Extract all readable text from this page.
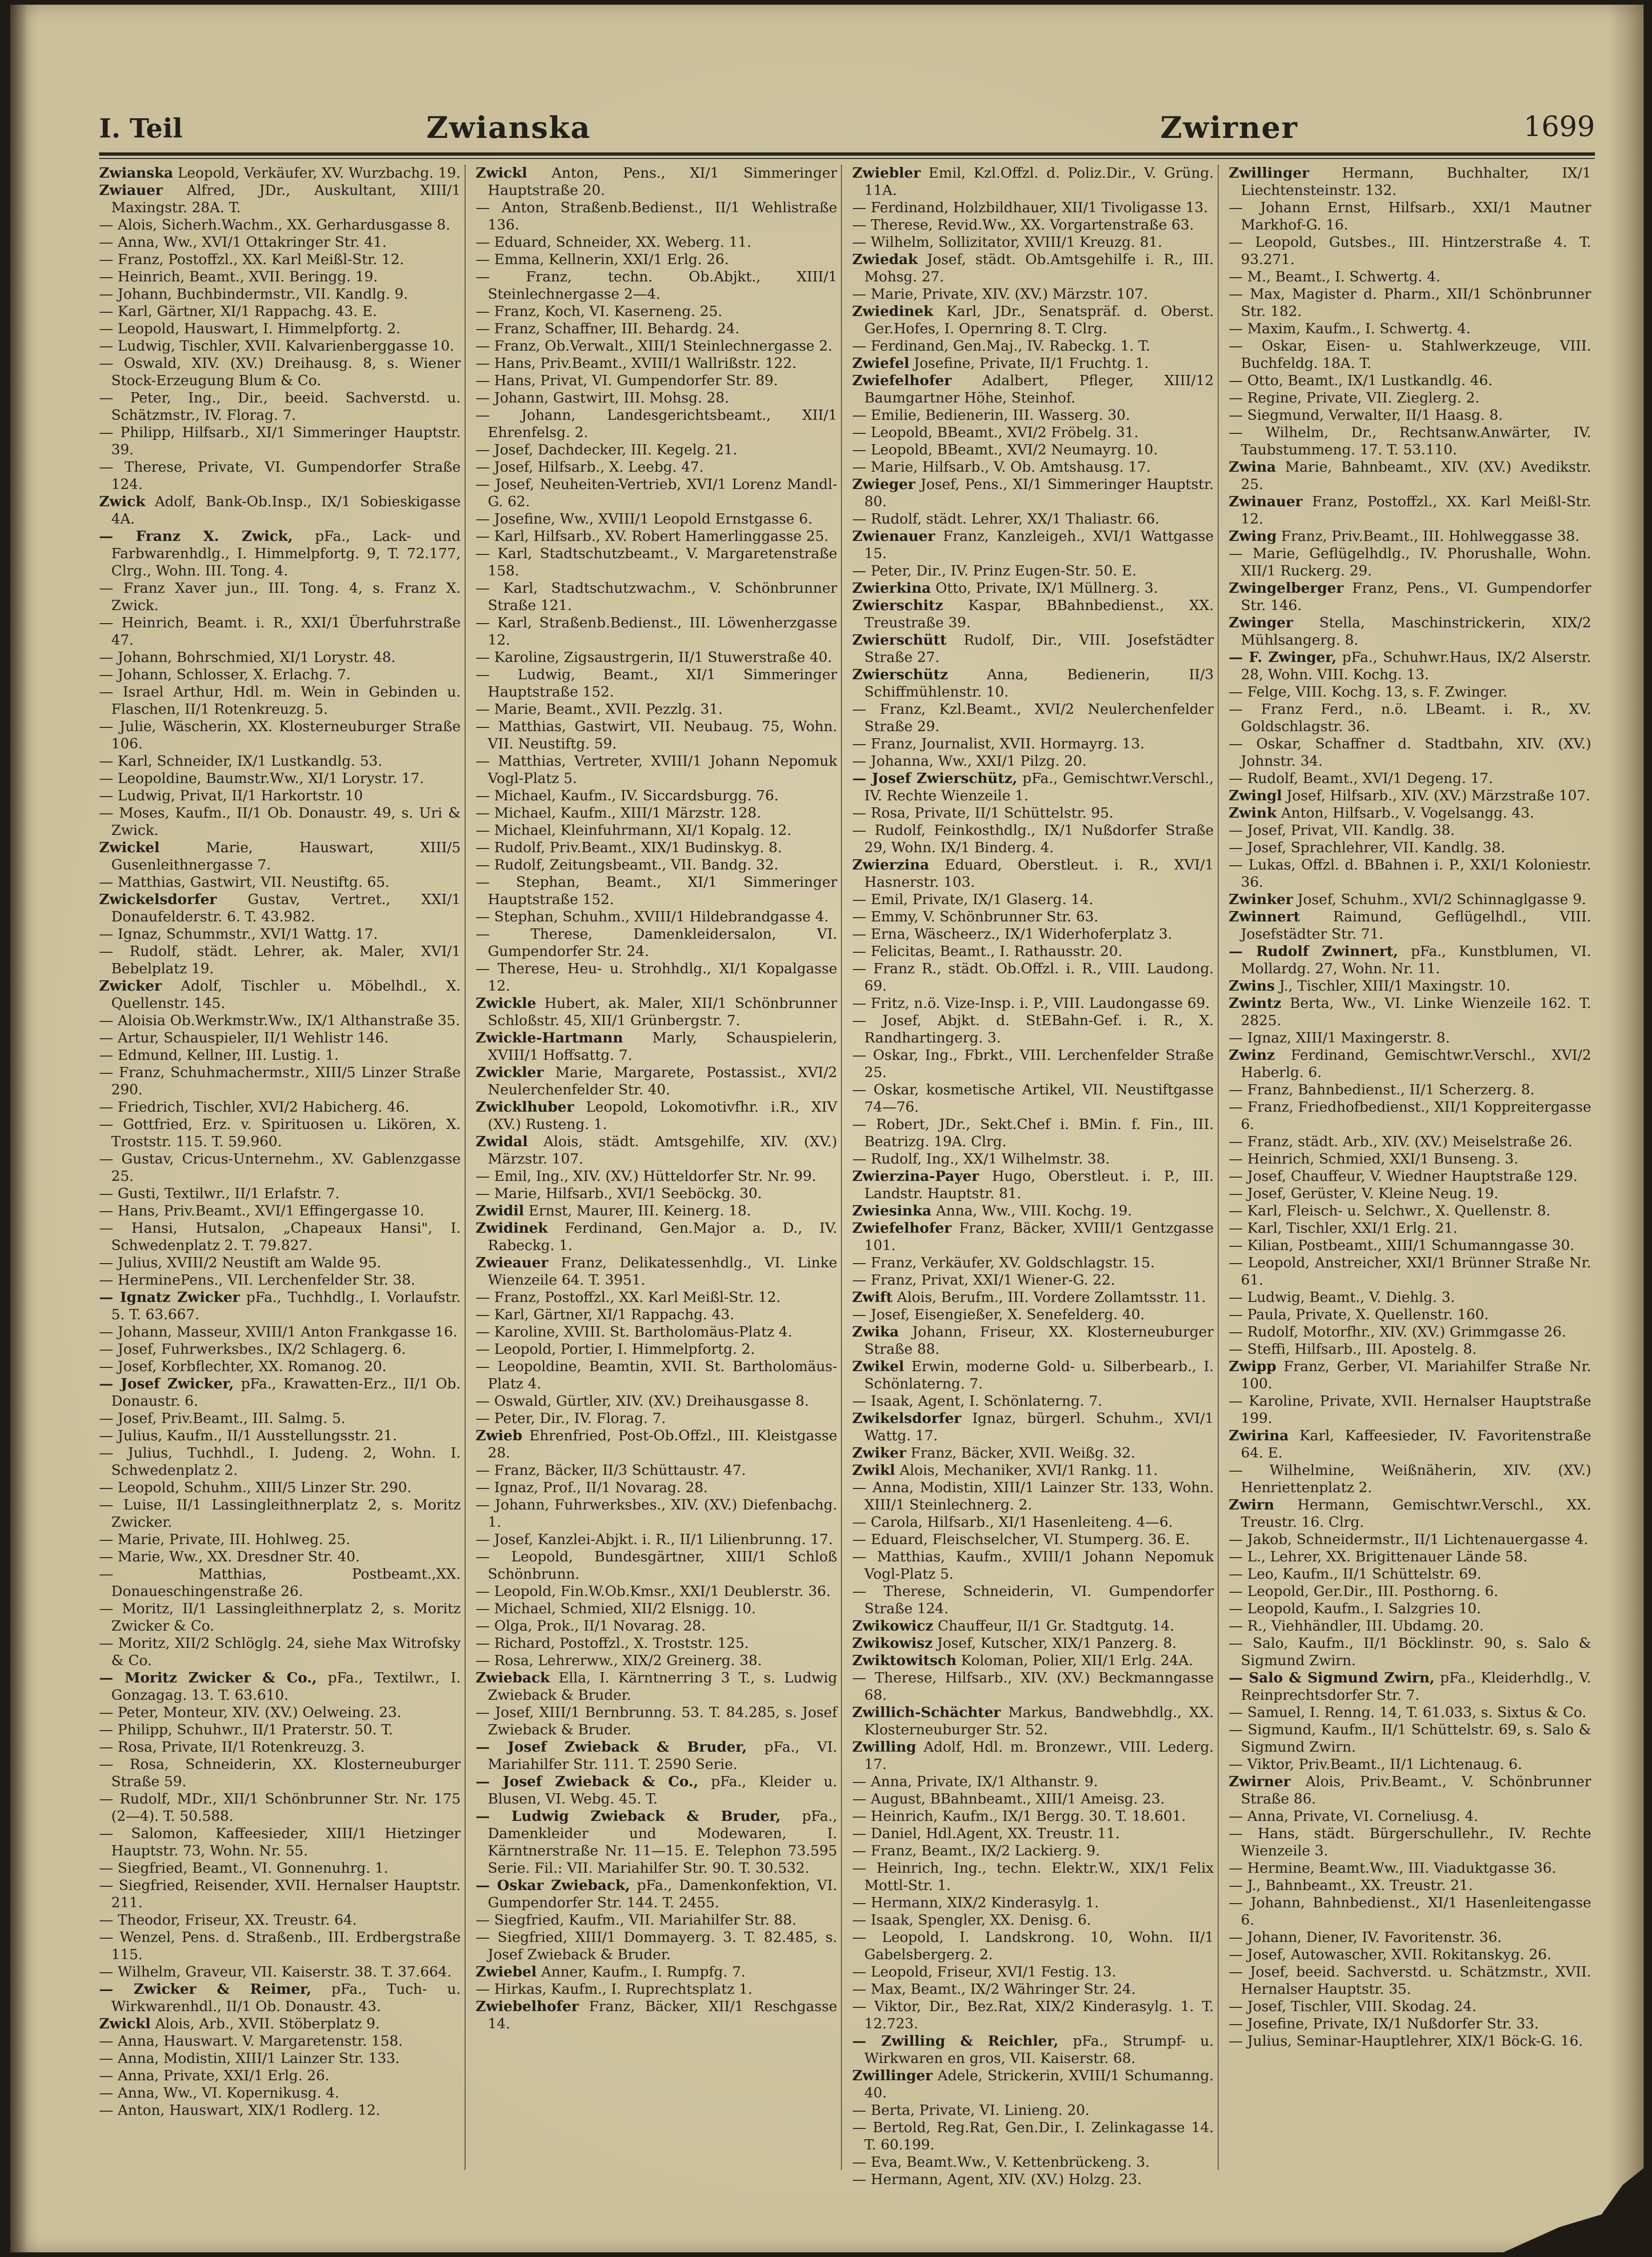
I. Teil	Zwianska	Zwirner	1699

Zwianska Leopold, Verkäufer, XV. Wurzbachg. 19.

Zwiauer Alfred, JDr., Auskultant, XIII/1 Maxingstr. 28A. T.

— Alois, Sicherh.Wachm., XX. Gerhardusgasse 8.

— Anna, Ww., XVI/1 Ottakringer Str. 41.

— Franz, Postoffzl., XX. Karl Meißl-Str. 12.

— Heinrich, Beamt., XVII. Beringg. 19.

— Johann, Buchbindermstr., VII. Kandlg. 9.

— Karl, Gärtner, XI/1 Rappachg. 43. E.

— Leopold, Hauswart, I. Himmelpfortg. 2.

— Ludwig, Tischler, XVII. Kalvarienberggasse 10.

— Oswald, XIV. (XV.) Dreihausg. 8, s. Wiener Stock-Erzeugung Blum & Co.

— Peter, Ing., Dir., beeid. Sachverstd. u. Schätzmstr., IV. Florag. 7.

— Philipp, Hilfsarb., XI/1 Simmeringer Hauptstr. 39.

— Therese, Private, VI. Gumpendorfer Straße 124.

Zwick Adolf, Bank-Ob.Insp., IX/1 Sobieskigasse 4A.

— Franz X. Zwick, pFa., Lack- und Farbwarenhdlg., I. Himmelpfortg. 9, T. 72.177, Clrg., Wohn. III. Tong. 4.

— Franz Xaver jun., III. Tong. 4, s. Franz X. Zwick.

— Heinrich, Beamt. i. R., XXI/1 Überfuhrstraße 47.

— Johann, Bohrschmied, XI/1 Lorystr. 48.

— Johann, Schlosser, X. Erlachg. 7.

— Israel Arthur, Hdl. m. Wein in Gebinden u. Flaschen, II/1 Rotenkreuzg. 5.

— Julie, Wäscherin, XX. Klosterneuburger Straße 106.

— Karl, Schneider, IX/1 Lustkandlg. 53.

— Leopoldine, Baumstr.Ww., XI/1 Lorystr. 17.

— Ludwig, Privat, II/1 Harkortstr. 10

— Moses, Kaufm., II/1 Ob. Donaustr. 49, s. Uri & Zwick.

Zwickel	Marie, Hauswart, XIII/5 Gusenleithnergasse 7.

— Matthias, Gastwirt, VII. Neustiftg. 65.

Zwickelsdorfer Gustav, Vertret., XXI/1 Donaufelderstr. 6. T. 43.982.

— Ignaz, Schummstr., XVI/1 Wattg. 17.

— Rudolf, städt. Lehrer, ak. Maler, XVI/1 Bebelplatz 19.

Zwicker Adolf, Tischler u. Möbelhdl., X. Quellenstr. 145.

— Aloisia Ob.Werkmstr.Ww., IX/1 Althanstraße 35.

— Artur, Schauspieler, II/1 Wehlistr 146.

— Edmund, Kellner, III. Lustig. 1.

— Franz, Schuhmachermstr., XIII/5 Linzer Straße 290.

— Friedrich, Tischler, XVI/2 Habicherg. 46.

— Gottfried, Erz. v. Spirituosen u. Likören, X. Troststr. 115. T. 59.960.

— Gustav, Cricus-Unternehm., XV. Gablenzgasse 25.

— Gusti, Textilwr., II/1 Erlafstr. 7.

— Hans, Priv.Beamt., XVI/1 Effingergasse 10.

— Hansi, Hutsalon, „Chapeaux Hansi", I. Schwedenplatz 2. T. 79.827.

— Julius, XVIII/2 Neustift am Walde 95.

— HerminePens., VII. Lerchenfelder Str. 38.

— Ignatz Zwicker pFa., Tuchhdlg., I. Vorlaufstr. 5. T. 63.667.

— Johann, Masseur, XVIII/1 Anton Frankgasse 16.

— Josef, Fuhrwerksbes., IX/2 Schlagerg. 6.

— Josef, Korbflechter, XX. Romanog. 20.

— Josef Zwicker, pFa., Krawatten-Erz., II/1 Ob. Donaustr. 6.

— Josef, Priv.Beamt., III. Salmg. 5.

— Julius, Kaufm., II/1 Ausstellungsstr. 21.

— Julius, Tuchhdl., I. Judeng. 2, Wohn. I. Schwedenplatz 2.

— Leopold, Schuhm., XIII/5 Linzer Str. 290.

— Luise, II/1 Lassingleithnerplatz 2, s. Moritz Zwicker.

— Marie, Private, III. Hohlweg. 25.

— Marie, Ww., XX. Dresdner Str. 40.

— Matthias, Postbeamt.,XX. Donaueschingenstraße 26.

— Moritz, II/1 Lassingleithnerplatz 2, s. Moritz Zwicker & Co.

— Moritz, XII/2 Schlöglg. 24, siehe Max Witrofsky & Co.

— Moritz Zwicker & Co., pFa., Textilwr., I. Gonzagag. 13. T. 63.610.

— Peter, Monteur, XIV. (XV.) Oelweing. 23.

— Philipp, Schuhwr., II/1 Praterstr. 50. T.

— Rosa, Private, II/1 Rotenkreuzg. 3.

— Rosa, Schneiderin, XX. Klosterneuburger Straße 59.

— Rudolf, MDr., XII/1 Schönbrunner Str. Nr. 175 (2—4). T. 50.588.

— Salomon, Kaffeesieder, XIII/1 Hietzinger Hauptstr. 73, Wohn. Nr. 55.

— Siegfried, Beamt., VI. Gonnenuhrg. 1.

— Siegfried, Reisender, XVII. Hernalser Hauptstr. 211.

— Theodor, Friseur, XX. Treustr. 64.

— Wenzel, Pens. d. Straßenb., III. Erdbergstraße 115.

— Wilhelm, Graveur, VII. Kaiserstr. 38. T. 37.664.

— Zwicker & Reimer, pFa., Tuch- u. Wirkwarenhdl., II/1 Ob. Donaustr. 43.

Zwickl Alois, Arb., XVII. Stöberplatz 9.

— Anna, Hauswart. V. Margaretenstr. 158.

— Anna, Modistin, XIII/1 Lainzer Str. 133.

— Anna, Private, XXI/1 Erlg. 26.

— Anna, Ww., VI. Kopernikusg. 4.

— Anton, Hauswart, XIX/1 Rodlerg. 12.

Zwickl Anton, Pens., XI/1 Simmeringer Hauptstraße 20.

— Anton, Straßenb.Bedienst., II/1 Wehlistraße 136.

— Eduard, Schneider, XX. Weberg. 11.

— Emma, Kellnerin, XXI/1 Erlg. 26.

— Franz, techn. Ob.Abjkt., XIII/1 Steinlechnergasse 2—4.

— Franz, Koch, VI. Kaserneng. 25.

— Franz, Schaffner, III. Behardg. 24.

— Franz, Ob.Verwalt., XIII/1 Steinlechnergasse 2.

— Hans, Priv.Beamt., XVIII/1 Wallrißstr. 122.

— Hans, Privat, VI. Gumpendorfer Str. 89.

— Johann, Gastwirt, III. Mohsg. 28.

— Johann, Landesgerichtsbeamt., XII/1 Ehrenfelsg. 2.

— Josef, Dachdecker, III. Kegelg. 21.

— Josef, Hilfsarb., X. Leebg. 47.

— Josef, Neuheiten-Vertrieb, XVI/1 Lorenz Mandl-G. 62.

— Josefine, Ww., XVIII/1 Leopold Ernstgasse 6.

— Karl, Hilfsarb., XV. Robert Hamerlinggasse 25.

— Karl, Stadtschutzbeamt., V. Margaretenstraße 158.

— Karl, Stadtschutzwachm., V. Schönbrunner Straße 121.

— Karl, Straßenb.Bedienst., III. Löwenherzgasse 12.

— Karoline, Zigsaustrgerin, II/1 Stuwerstraße 40.

— Ludwig, Beamt., XI/1 Simmeringer Hauptstraße 152.

— Marie, Beamt., XVII. Pezzlg. 31.

— Matthias, Gastwirt, VII. Neubaug. 75, Wohn. VII. Neustiftg. 59.

— Matthias, Vertreter, XVIII/1 Johann Nepomuk Vogl-Platz 5.

— Michael, Kaufm., IV. Siccardsburgg. 76.

— Michael, Kaufm., XIII/1 Märzstr. 128.

— Michael, Kleinfuhrmann, XI/1 Kopalg. 12.

— Rudolf, Priv.Beamt., XIX/1 Budinskyg. 8.

— Rudolf, Zeitungsbeamt., VII. Bandg. 32.

— Stephan, Beamt., XI/1 Simmeringer Hauptstraße 152.

— Stephan, Schuhm., XVIII/1 Hildebrandgasse 4.

— Therese, Damenkleidersalon, VI. Gumpendorfer Str. 24.

— Therese, Heu- u. Strohhdlg., XI/1 Kopalgasse 12.

Zwickle Hubert, ak. Maler, XII/1 Schönbrunner Schloßstr. 45, XII/1 Grünbergstr. 7.

Zwickle-Hartmann Marly, Schauspielerin, XVIII/1 Hoffsattg. 7.

Zwickler Marie, Margarete, Postassist., XVI/2 Neulerchenfelder Str. 40.

Zwicklhuber Leopold, Lokomotivfhr. i.R., XIV (XV.) Rusteng. 1.

Zwidal Alois, städt. Amtsgehilfe, XIV. (XV.) Märzstr. 107.

— Emil, Ing., XIV. (XV.) Hütteldorfer Str. Nr. 99.

— Marie, Hilfsarb., XVI/1 Seeböckg. 30.

Zwidil Ernst, Maurer, III. Keinerg. 18.

Zwidinek Ferdinand, Gen.Major a. D., IV. Rabeckg. 1.

Zwieauer Franz, Delikatessenhdlg., VI. Linke Wienzeile 64. T. 3951.

— Franz, Postoffzl., XX. Karl Meißl-Str. 12.

— Karl, Gärtner, XI/1 Rappachg. 43.

— Karoline, XVIII. St. Bartholomäus-Platz 4.

— Leopold, Portier, I. Himmelpfortg. 2.

— Leopoldine, Beamtin, XVII. St. Bartholomäus-Platz 4.

— Oswald, Gürtler, XIV. (XV.) Dreihausgasse 8.

— Peter, Dir., IV. Florag. 7.

Zwieb Ehrenfried, Post-Ob.Offzl., III. Kleistgasse 28.

— Franz, Bäcker, II/3 Schüttaustr. 47.

— Ignaz, Prof., II/1 Novarag. 28.

— Johann, Fuhrwerksbes., XIV. (XV.) Diefenbachg. 1.

— Josef, Kanzlei-Abjkt. i. R., II/1 Lilienbrunng. 17.

— Leopold, Bundesgärtner, XIII/1 Schloß Schönbrunn.

— Leopold, Fin.W.Ob.Kmsr., XXI/1 Deublerstr. 36.

— Michael, Schmied, XII/2 Elsnigg. 10.

— Olga, Prok., II/1 Novarag. 28.

— Richard, Postoffzl., X. Troststr. 125.

— Rosa, Lehrerww., XIX/2 Greinerg. 38.

Zwieback Ella, I. Kärntnerring 3 T., s. Ludwig Zwieback & Bruder.

— Josef, XIII/1 Bernbrunng. 53. T. 84.285, s. Josef Zwieback & Bruder.

— Josef Zwieback & Bruder, pFa., VI. Mariahilfer Str. 111. T. 2590 Serie.

— Josef Zwieback & Co., pFa., Kleider u. Blusen, VI. Webg. 45. T.

— Ludwig Zwieback & Bruder, pFa., Damenkleider und Modewaren, I. Kärntnerstraße Nr. 11—15. E. Telephon 73.595 Serie. Fil.: VII. Mariahilfer Str. 90. T. 30.532.

— Oskar Zwieback, pFa., Damenkonfektion, VI. Gumpendorfer Str. 144. T. 2455.

— Siegfried, Kaufm., VII. Mariahilfer Str. 88.

— Siegfried, XIII/1 Dommayerg. 3. T. 82.485, s. Josef Zwieback & Bruder.

Zwiebel Anner, Kaufm., I. Rumpfg. 7.

— Hirkas, Kaufm., I. Ruprechtsplatz 1.

Zwiebelhofer Franz, Bäcker, XII/1 Reschgasse 14.

Zwiebler Emil, Kzl.Offzl. d. Poliz.Dir., V. Grüng. 11A.

— Ferdinand, Holzbildhauer, XII/1 Tivoligasse 13.

— Therese, Revid.Ww., XX. Vorgartenstraße 63.

— Wilhelm, Sollizitator, XVIII/1 Kreuzg. 81.

Zwiedak Josef, städt. Ob.Amtsgehilfe i. R., III. Mohsg. 27.

— Marie, Private, XIV. (XV.) Märzstr. 107.

Zwiedinek Karl, JDr., Senatspräf. d. Oberst. Ger.Hofes, I. Opernring 8. T. Clrg.

— Ferdinand, Gen.Maj., IV. Rabeckg. 1. T.

Zwiefel Josefine, Private, II/1 Fruchtg. 1.

Zwiefelhofer Adalbert, Pfleger, XIII/12 Baumgartner Höhe, Steinhof.

— Emilie, Bedienerin, III. Wasserg. 30.

— Leopold, BBeamt., XVI/2 Fröbelg. 31.

— Leopold, BBeamt., XVI/2 Neumayrg. 10.

— Marie, Hilfsarb., V. Ob. Amtshausg. 17.

Zwieger Josef, Pens., XI/1 Simmeringer Hauptstr. 80.

— Rudolf, städt. Lehrer, XX/1 Thaliastr. 66.

Zwienauer Franz, Kanzleigeh., XVI/1 Wattgasse 15.

— Peter, Dir., IV. Prinz Eugen-Str. 50. E.

Zwierkina Otto, Private, IX/1 Müllnerg. 3.

Zwierschitz Kaspar, BBahnbedienst., XX. Treustraße 39.

Zwierschütt Rudolf, Dir., VIII. Josefstädter Straße 27.

Zwierschütz	Anna, Bedienerin, II/3 Schiffmühlenstr. 10.

— Franz, Kzl.Beamt., XVI/2 Neulerchenfelder Straße 29.

— Franz, Journalist, XVII. Hormayrg. 13.

— Johanna, Ww., XXI/1 Pilzg. 20.

— Josef Zwierschütz, pFa., Gemischtwr.Verschl., IV. Rechte Wienzeile 1.

— Rosa, Private, II/1 Schüttelstr. 95.

— Rudolf, Feinkosthdlg., IX/1 Nußdorfer Straße 29, Wohn. IX/1 Binderg. 4.

Zwierzina Eduard, Oberstleut. i. R., XVI/1 Hasnerstr. 103.

— Emil, Private, IX/1 Glaserg. 14.

— Emmy, V. Schönbrunner Str. 63.

— Erna, Wäscheerz., IX/1 Widerhoferplatz 3.

— Felicitas, Beamt., I. Rathausstr. 20.

— Franz R., städt. Ob.Offzl. i. R., VIII. Laudong. 69.

— Fritz, n.ö. Vize-Insp. i. P., VIII. Laudongasse 69.

— Josef, Abjkt. d. StEBahn-Gef. i. R., X. Randhartingerg. 3.

— Oskar, Ing., Fbrkt., VIII. Lerchenfelder Straße 25.

— Oskar, kosmetische Artikel, VII. Neustiftgasse 74—76.

— Robert, JDr., Sekt.Chef i. BMin. f. Fin., III. Beatrizg. 19A. Clrg.

— Rudolf, Ing., XX/1 Wilhelmstr. 38.

Zwierzina-Payer Hugo, Oberstleut. i. P., III. Landstr. Hauptstr. 81.

Zwiesinka Anna, Ww., VIII. Kochg. 19.

Zwiefelhofer Franz, Bäcker, XVIII/1 Gentzgasse 101.

— Franz, Verkäufer, XV. Goldschlagstr. 15.

— Franz, Privat, XXI/1 Wiener-G. 22.

Zwift Alois, Berufm., III. Vordere Zollamtsstr. 11.

— Josef, Eisengießer, X. Senefelderg. 40.

Zwika Johann, Friseur, XX. Klosterneuburger Straße 88.

Zwikel Erwin, moderne Gold- u. Silberbearb., I. Schönlaterng. 7.

— Isaak, Agent, I. Schönlaterng. 7.

Zwikelsdorfer Ignaz, bürgerl. Schuhm., XVI/1 Wattg. 17.

Zwiker Franz, Bäcker, XVII. Weißg. 32.

Zwikl Alois, Mechaniker, XVI/1 Rankg. 11.

— Anna, Modistin, XIII/1 Lainzer Str. 133, Wohn. XIII/1 Steinlechnerg. 2.

— Carola, Hilfsarb., XI/1 Hasenleiteng. 4—6.

— Eduard, Fleischselcher, VI. Stumperg. 36. E.

— Matthias, Kaufm., XVIII/1 Johann Nepomuk Vogl-Platz 5.

— Therese, Schneiderin, VI. Gumpendorfer Straße 124.

Zwikowicz Chauffeur, II/1 Gr. Stadtgutg. 14.

Zwikowisz Josef, Kutscher, XIX/1 Panzerg. 8.

Zwiktowitsch Koloman, Polier, XII/1 Erlg. 24A.

— Therese, Hilfsarb., XIV. (XV.) Beckmanngasse 68.

Zwillich-Schächter Markus, Bandwebhdlg., XX. Klosterneuburger Str. 52.

Zwilling Adolf, Hdl. m. Bronzewr., VIII. Lederg. 17.

— Anna, Private, IX/1 Althanstr. 9.

— August, BBahnbeamt., XIII/1 Ameisg. 23.

— Heinrich, Kaufm., IX/1 Bergg. 30. T. 18.601.

— Daniel, Hdl.Agent, XX. Treustr. 11.

— Franz, Beamt., IX/2 Lackierg. 9.

— Heinrich, Ing., techn. Elektr.W., XIX/1 Felix Mottl-Str. 1.

— Hermann, XIX/2 Kinderasylg. 1.

— Isaak, Spengler, XX. Denisg. 6.

— Leopold, I. Landskrong. 10, Wohn. II/1 Gabelsbergerg. 2.

— Leopold, Friseur, XVI/1 Festig. 13.

— Max, Beamt., IX/2 Währinger Str. 24.

— Viktor, Dir., Bez.Rat, XIX/2 Kinderasylg. 1. T. 12.723.

— Zwilling & Reichler, pFa., Strumpf- u. Wirkwaren en gros, VII. Kaiserstr. 68.

Zwillinger Adele, Strickerin, XVIII/1 Schumanng. 40.

— Berta, Private, VI. Linieng. 20.

— Bertold, Reg.Rat, Gen.Dir., I. Zelinkagasse 14. T. 60.199.

— Eva, Beamt.Ww., V. Kettenbrückeng. 3.

— Hermann, Agent, XIV. (XV.) Holzg. 23.

Zwillinger Hermann, Buchhalter, IX/1 Liechtensteinstr. 132.

— Johann Ernst, Hilfsarb., XXI/1 Mautner Markhof-G. 16.

— Leopold, Gutsbes., III. Hintzerstraße 4. T. 93.271.

— M., Beamt., I. Schwertg. 4.

— Max, Magister d. Pharm., XII/1 Schönbrunner Str. 182.

— Maxim, Kaufm., I. Schwertg. 4.

— Oskar, Eisen- u. Stahlwerkzeuge, VIII. Buchfeldg. 18A. T.

— Otto, Beamt., IX/1 Lustkandlg. 46.

— Regine, Private, VII. Zieglerg. 2.

— Siegmund, Verwalter, II/1 Haasg. 8.

— Wilhelm, Dr., Rechtsanw.Anwärter, IV. Taubstummeng. 17. T. 53.110.

Zwina Marie, Bahnbeamt., XIV. (XV.) Avedikstr. 25.

Zwinauer Franz, Postoffzl., XX. Karl Meißl-Str. 12.

Zwing Franz, Priv.Beamt., III. Hohlweggasse 38.

— Marie, Geflügelhdlg., IV. Phorushalle, Wohn. XII/1 Ruckerg. 29.

Zwingelberger Franz, Pens., VI. Gumpendorfer Str. 146.

Zwinger Stella, Maschinstrickerin, XIX/2 Mühlsangerg. 8.

— F. Zwinger, pFa., Schuhwr.Haus, IX/2 Alserstr. 28, Wohn. VIII. Kochg. 13.

— Felge, VIII. Kochg. 13, s. F. Zwinger.

— Franz Ferd., n.ö. LBeamt. i. R., XV. Goldschlagstr. 36.

— Oskar, Schaffner d. Stadtbahn, XIV. (XV.) Johnstr. 34.

— Rudolf, Beamt., XVI/1 Degeng. 17.

Zwingl Josef, Hilfsarb., XIV. (XV.) Märzstraße 107.

Zwink Anton, Hilfsarb., V. Vogelsangg. 43.

— Josef, Privat, VII. Kandlg. 38.

— Josef, Sprachlehrer, VII. Kandlg. 38.

— Lukas, Offzl. d. BBahnen i. P., XXI/1 Koloniestr. 36.

Zwinker Josef, Schuhm., XVI/2 Schinnaglgasse 9.

Zwinnert Raimund, Geflügelhdl., VIII. Josefstädter Str. 71.

— Rudolf Zwinnert, pFa., Kunstblumen, VI. Mollardg. 27, Wohn. Nr. 11.

Zwins J., Tischler, XIII/1 Maxingstr. 10.

Zwintz Berta, Ww., VI. Linke Wienzeile 162. T. 2825.

— Ignaz, XIII/1 Maxingerstr. 8.

Zwinz Ferdinand, Gemischtwr.Verschl., XVI/2 Haberlg. 6.

— Franz, Bahnbedienst., II/1 Scherzerg. 8.

— Franz, Friedhofbedienst., XII/1 Koppreitergasse 6.

— Franz, städt. Arb., XIV. (XV.) Meiselstraße 26.

— Heinrich, Schmied, XXI/1 Bunseng. 3.

— Josef, Chauffeur, V. Wiedner Hauptstraße 129.

— Josef, Gerüster, V. Kleine Neug. 19.

— Karl, Fleisch- u. Selchwr., X. Quellenstr. 8.

— Karl, Tischler, XXI/1 Erlg. 21.

— Kilian, Postbeamt., XIII/1 Schumanngasse 30.

— Leopold, Anstreicher, XXI/1 Brünner Straße Nr. 61.

— Ludwig, Beamt., V. Diehlg. 3.

— Paula, Private, X. Quellenstr. 160.

— Rudolf, Motorfhr., XIV. (XV.) Grimmgasse 26.

— Steffi, Hilfsarb., III. Apostelg. 8.

Zwipp Franz, Gerber, VI. Mariahilfer Straße Nr. 100.

— Karoline, Private, XVII. Hernalser Hauptstraße 199.

Zwirina Karl, Kaffeesieder, IV. Favoritenstraße 64. E.

— Wilhelmine, Weißnäherin, XIV. (XV.) Henriettenplatz 2.

Zwirn Hermann, Gemischtwr.Verschl., XX. Treustr. 16. Clrg.

— Jakob, Schneidermstr., II/1 Lichtenauergasse 4.

— L., Lehrer, XX. Brigittenauer Lände 58.

— Leo, Kaufm., II/1 Schüttelstr. 69.

— Leopold, Ger.Dir., III. Posthorng. 6.

— Leopold, Kaufm., I. Salzgries 10.

— R., Viehhändler, III. Ubdamg. 20.

— Salo, Kaufm., II/1 Böcklinstr. 90, s. Salo & Sigmund Zwirn.

— Salo & Sigmund Zwirn, pFa., Kleiderhdlg., V. Reinprechtsdorfer Str. 7.

— Samuel, I. Renng. 14, T. 61.033, s. Sixtus & Co.

— Sigmund, Kaufm., II/1 Schüttelstr. 69, s. Salo & Sigmund Zwirn.

— Viktor, Priv.Beamt., II/1 Lichtenaug. 6.

Zwirner Alois, Priv.Beamt., V. Schönbrunner Straße 86.

— Anna, Private, VI. Corneliusg. 4.

— Hans, städt. Bürgerschullehr., IV. Rechte Wienzeile 3.

— Hermine, Beamt.Ww., III. Viaduktgasse 36.

— J., Bahnbeamt., XX. Treustr. 21.

— Johann, Bahnbedienst., XI/1 Hasenleitengasse 6.

— Johann, Diener, IV. Favoritenstr. 36.

— Josef, Autowascher, XVII. Rokitanskyg. 26.

— Josef, beeid. Sachverstd. u. Schätzmstr., XVII. Hernalser Hauptstr. 35.

— Josef, Tischler, VIII. Skodag. 24.

— Josefine, Private, IX/1 Nußdorfer Str. 33.

— Julius, Seminar-Hauptlehrer, XIX/1 Böck-G. 16.
